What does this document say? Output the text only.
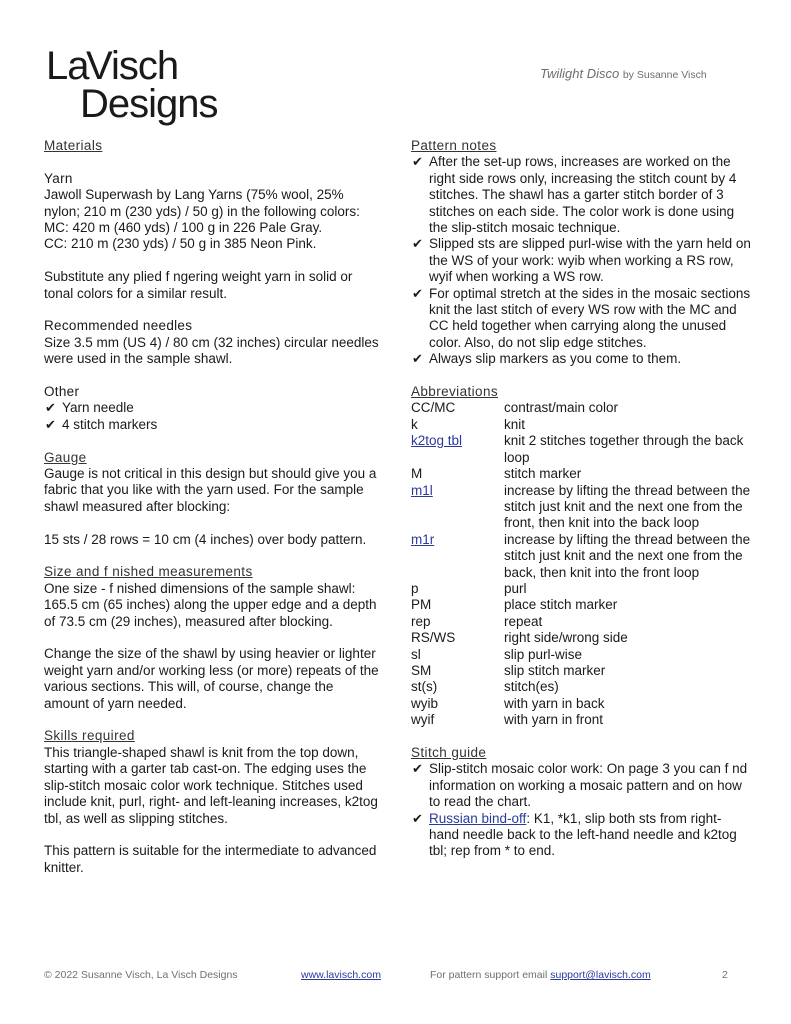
La
Visch
Designs
Twilight Disco by Susanne Visch

Materials

Yarn

Jawoll Superwash by Lang Yarns (75% wool, 25% nylon; 210 m (230 yds) / 50 g) in the following colors:

MC: 420 m (460 yds) / 100 g in 226 Pale Gray.

CC: 210 m (230 yds) / 50 g in 385 Neon Pink.

Substitute any plied f ngering weight yarn in solid or tonal colors for a similar result.

Recommended needles

Size 3.5 mm (US 4) / 80 cm (32 inches) circular needles were used in the sample shawl.

Other

✔ Yarn needle
✔ 4 stitch markers

Gauge

Gauge is not critical in this design but should give you a fabric that you like with the yarn used. For the sample shawl measured after blocking:

15 sts / 28 rows = 10 cm (4 inches) over body pattern.

Size and f nished measurements

One size - f nished dimensions of the sample shawl: 165.5 cm (65 inches) along the upper edge and a depth of 73.5 cm (29 inches), measured after blocking.

Change the size of the shawl by using heavier or lighter weight yarn and/or working less (or more) repeats of the various sections. This will, of course, change the amount of yarn needed.

Skills required

This triangle-shaped shawl is knit from the top down, starting with a garter tab cast-on. The edging uses the slip-stitch mosaic color work technique. Stitches used include knit, purl, right- and left-leaning increases, k2tog tbl, as well as slipping stitches.

This pattern is suitable for the intermediate to advanced knitter.

Pattern notes

✔ After the set-up rows, increases are worked on the right side rows only, increasing the stitch count by 4 stitches. The shawl has a garter stitch border of 3 stitches on each side. The color work is done using the slip-stitch mosaic technique.
✔ Slipped sts are slipped purl-wise with the yarn held on the WS of your work: wyib when working a RS row, wyif when working a WS row.
✔ For optimal stretch at the sides in the mosaic sections knit the last stitch of every WS row with the MC and CC held together when carrying along the unused color. Also, do not slip edge stitches.
✔ Always slip markers as you come to them.

Abbreviations

CC/MC	contrast/main color
k	knit
k2tog tbl	knit 2 stitches together through the back loop
M	stitch marker
m1l	increase by lifting the thread between the stitch just knit and the next one from the front, then knit into the back loop
m1r	increase by lifting the thread between the stitch just knit and the next one from the back, then knit into the front loop
p	purl
PM	place stitch marker
rep	repeat
RS/WS	right side/wrong side
sl	slip purl-wise
SM	slip stitch marker
st(s)	stitch(es)
wyib	with yarn in back
wyif	with yarn in front

Stitch guide

✔ Slip-stitch mosaic color work: On page 3 you can f nd information on working a mosaic pattern and on how to read the chart.
✔ Russian bind-off: K1, *k1, slip both sts from right-hand needle back to the left-hand needle and k2tog tbl; rep from * to end.
© 2022 Susanne Visch, La Visch Designs	www.lavisch.com	For pattern support email support@lavisch.com	2
